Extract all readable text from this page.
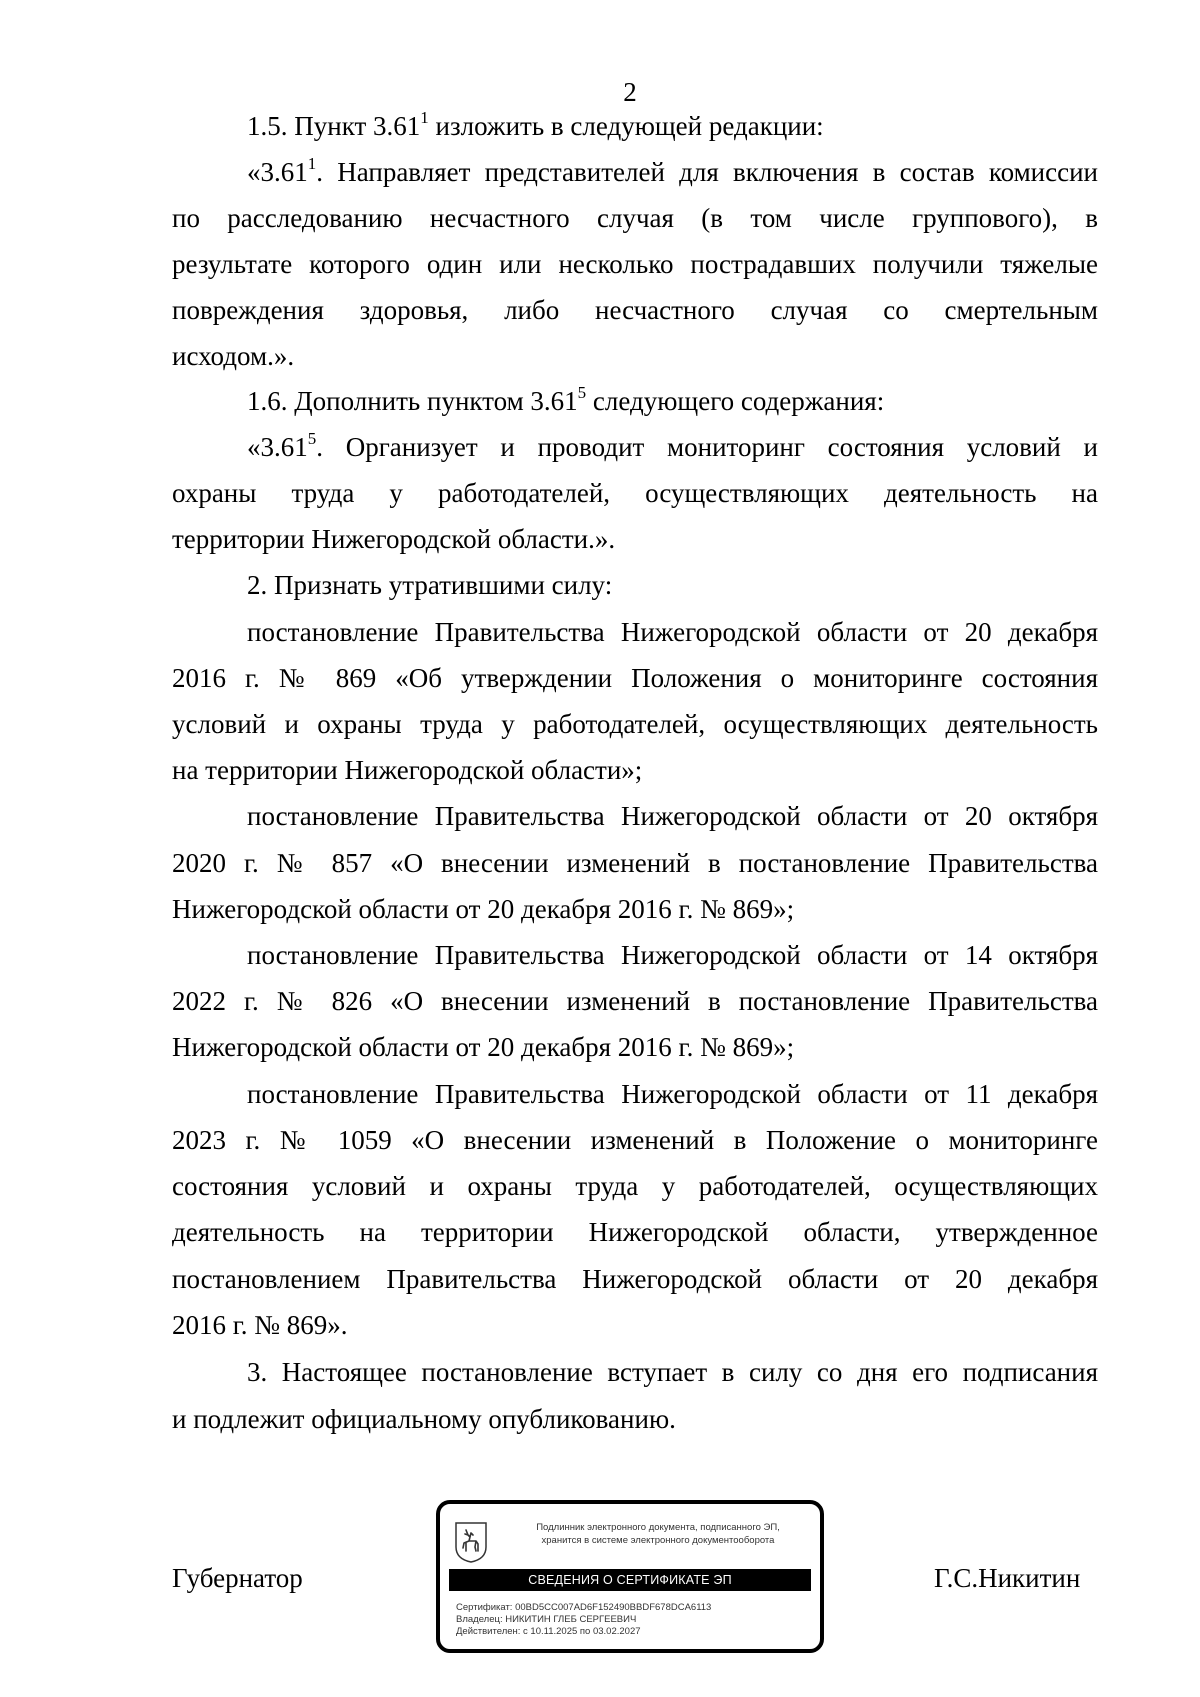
2
1.5. Пункт 3.61$^1$ изложить в следующей редакции:
«3.61$^1$. Направляет представителей для включения в состав комиссии
по расследованию несчастного случая (в том числе группового), в
результате которого один или несколько пострадавших получили тяжелые
повреждения здоровья, либо несчастного случая со смертельным
исходом.».
1.6. Дополнить пунктом 3.61$^5$ следующего содержания:
«3.61$^5$. Организует и проводит мониторинг состояния условий и
охраны труда у работодателей, осуществляющих деятельность на
территории Нижегородской области.».
2. Признать утратившими силу:
постановление Правительства Нижегородской области от 20 декабря
2016 г. № 869 «Об утверждении Положения о мониторинге состояния
условий и охраны труда у работодателей, осуществляющих деятельность
на территории Нижегородской области»;
постановление Правительства Нижегородской области от 20 октября
2020 г. № 857 «О внесении изменений в постановление Правительства
Нижегородской области от 20 декабря 2016 г. № 869»;
постановление Правительства Нижегородской области от 14 октября
2022 г. № 826 «О внесении изменений в постановление Правительства
Нижегородской области от 20 декабря 2016 г. № 869»;
постановление Правительства Нижегородской области от 11 декабря
2023 г. № 1059 «О внесении изменений в Положение о мониторинге
состояния условий и охраны труда у работодателей, осуществляющих
деятельность на территории Нижегородской области, утвержденное
постановлением Правительства Нижегородской области от 20 декабря
2016 г. № 869».
3. Настоящее постановление вступает в силу со дня его подписания
и подлежит официальному опубликованию.
Губернатор	Г.С.Никитин
Подлинник электронного документа, подписанного ЭП,
хранится в системе электронного документооборота
СВЕДЕНИЯ О СЕРТИФИКАТЕ ЭП
Сертификат: 00BD5CC007AD6F152490BBDF678DCA6113
Владелец: НИКИТИН ГЛЕБ СЕРГЕЕВИЧ
Действителен: с 10.11.2025 по 03.02.2027
